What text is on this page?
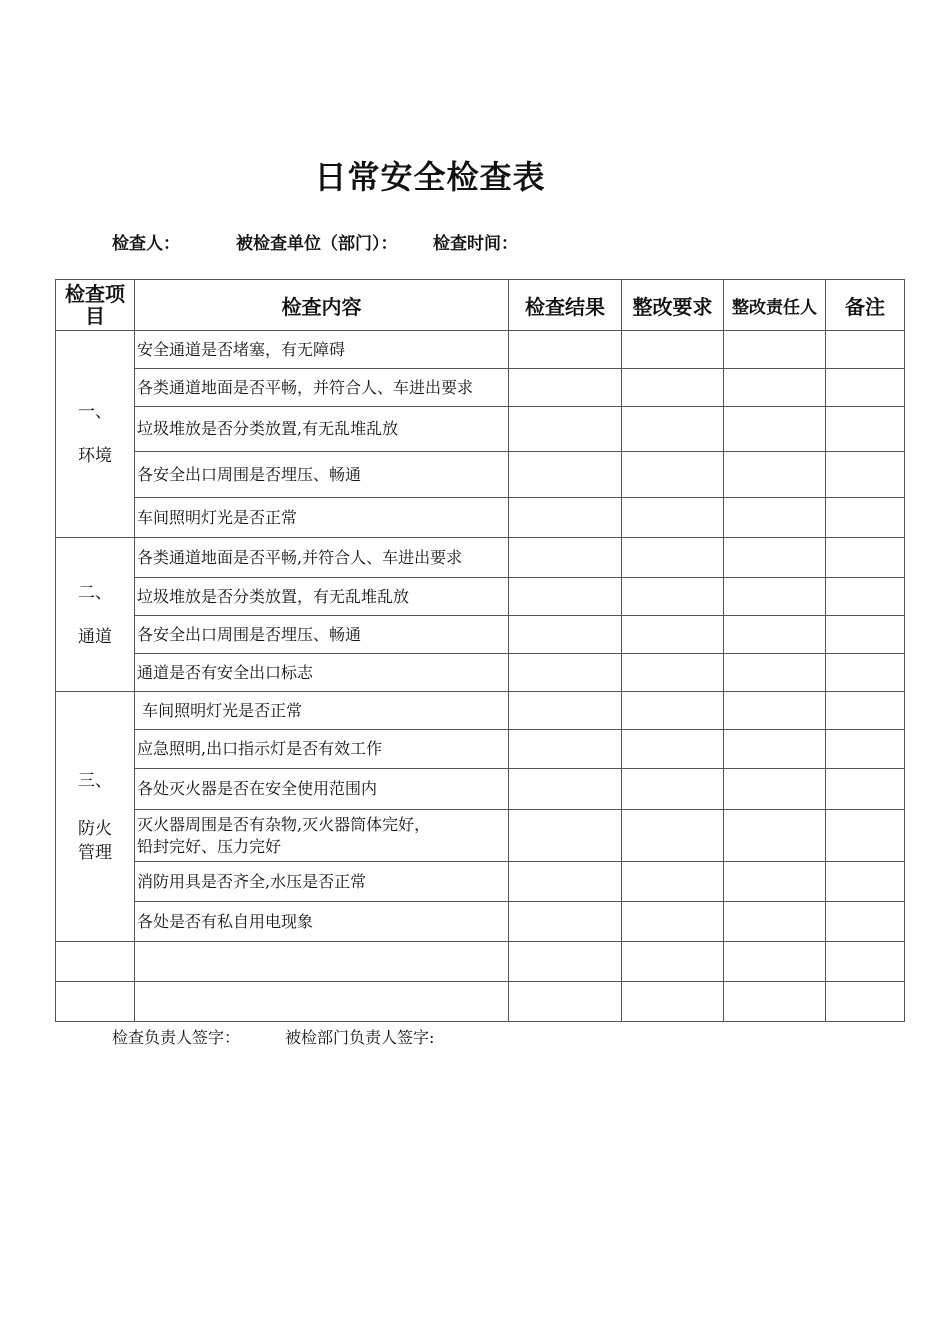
日常安全检查表
检查人：	被检查单位（部门）： 检查时间：
检查项目	检查内容	检查结果	整改要求	整改责任人	备注

一、
环境	安全通道是否堵塞，有无障碍				
	各类通道地面是否平畅，并符合人、车进出要求				
	垃圾堆放是否分类放置,有无乱堆乱放				
	各安全出口周围是否埋压、畅通				
	车间照明灯光是否正常				

二、
通道	各类通道地面是否平畅,并符合人、车进出要求				
	垃圾堆放是否分类放置，有无乱堆乱放				
	各安全出口周围是否埋压、畅通				
	通道是否有安全出口标志				

三、
防火
管理	车间照明灯光是否正常				
	应急照明,出口指示灯是否有效工作				
	各处灭火器是否在安全使用范围内				

	灭火器周围是否有杂物,灭火器筒体完好，
铅封完好、压力完好				

	消防用具是否齐全,水压是否正常				
	各处是否有私自用电现象				

检查负责人签字：	被检部门负责人签字:
